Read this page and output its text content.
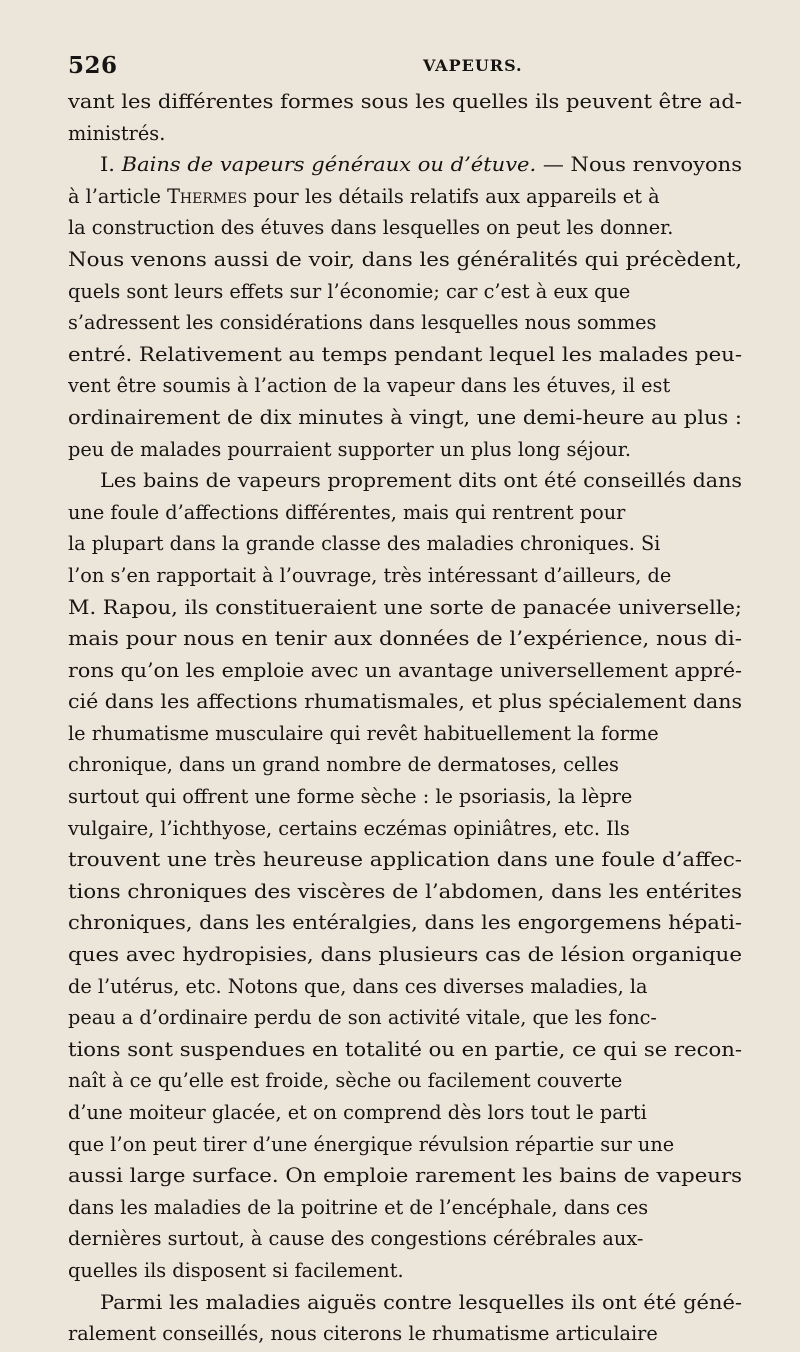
526	VAPEURS.
vant les différentes formes sous les quelles ils peuvent être ad-
ministrés.
I. Bains de vapeurs généraux ou d’étuve. — Nous renvoyons
à l’article Thermes pour les détails relatifs aux appareils et à
la construction des étuves dans lesquelles on peut les donner.
Nous venons aussi de voir, dans les généralités qui précèdent,
quels sont leurs effets sur l’économie; car c’est à eux que
s’adressent les considérations dans lesquelles nous sommes
entré. Relativement au temps pendant lequel les malades peu-
vent être soumis à l’action de la vapeur dans les étuves, il est
ordinairement de dix minutes à vingt, une demi-heure au plus :
peu de malades pourraient supporter un plus long séjour.
Les bains de vapeurs proprement dits ont été conseillés dans
une foule d’affections différentes, mais qui rentrent pour
la plupart dans la grande classe des maladies chroniques. Si
l’on s’en rapportait à l’ouvrage, très intéressant d’ailleurs, de
M. Rapou, ils constitueraient une sorte de panacée universelle;
mais pour nous en tenir aux données de l’expérience, nous di-
rons qu’on les emploie avec un avantage universellement appré-
cié dans les affections rhumatismales, et plus spécialement dans
le rhumatisme musculaire qui revêt habituellement la forme
chronique, dans un grand nombre de dermatoses, celles
surtout qui offrent une forme sèche : le psoriasis, la lèpre
vulgaire, l’ichthyose, certains eczémas opiniâtres, etc. Ils
trouvent une très heureuse application dans une foule d’affec-
tions chroniques des viscères de l’abdomen, dans les entérites
chroniques, dans les entéralgies, dans les engorgemens hépati-
ques avec hydropisies, dans plusieurs cas de lésion organique
de l’utérus, etc. Notons que, dans ces diverses maladies, la
peau a d’ordinaire perdu de son activité vitale, que les fonc-
tions sont suspendues en totalité ou en partie, ce qui se recon-
naît à ce qu’elle est froide, sèche ou facilement couverte
d’une moiteur glacée, et on comprend dès lors tout le parti
que l’on peut tirer d’une énergique révulsion répartie sur une
aussi large surface. On emploie rarement les bains de vapeurs
dans les maladies de la poitrine et de l’encéphale, dans ces
dernières surtout, à cause des congestions cérébrales aux-
quelles ils disposent si facilement.
Parmi les maladies aiguës contre lesquelles ils ont été géné-
ralement conseillés, nous citerons le rhumatisme articulaire
